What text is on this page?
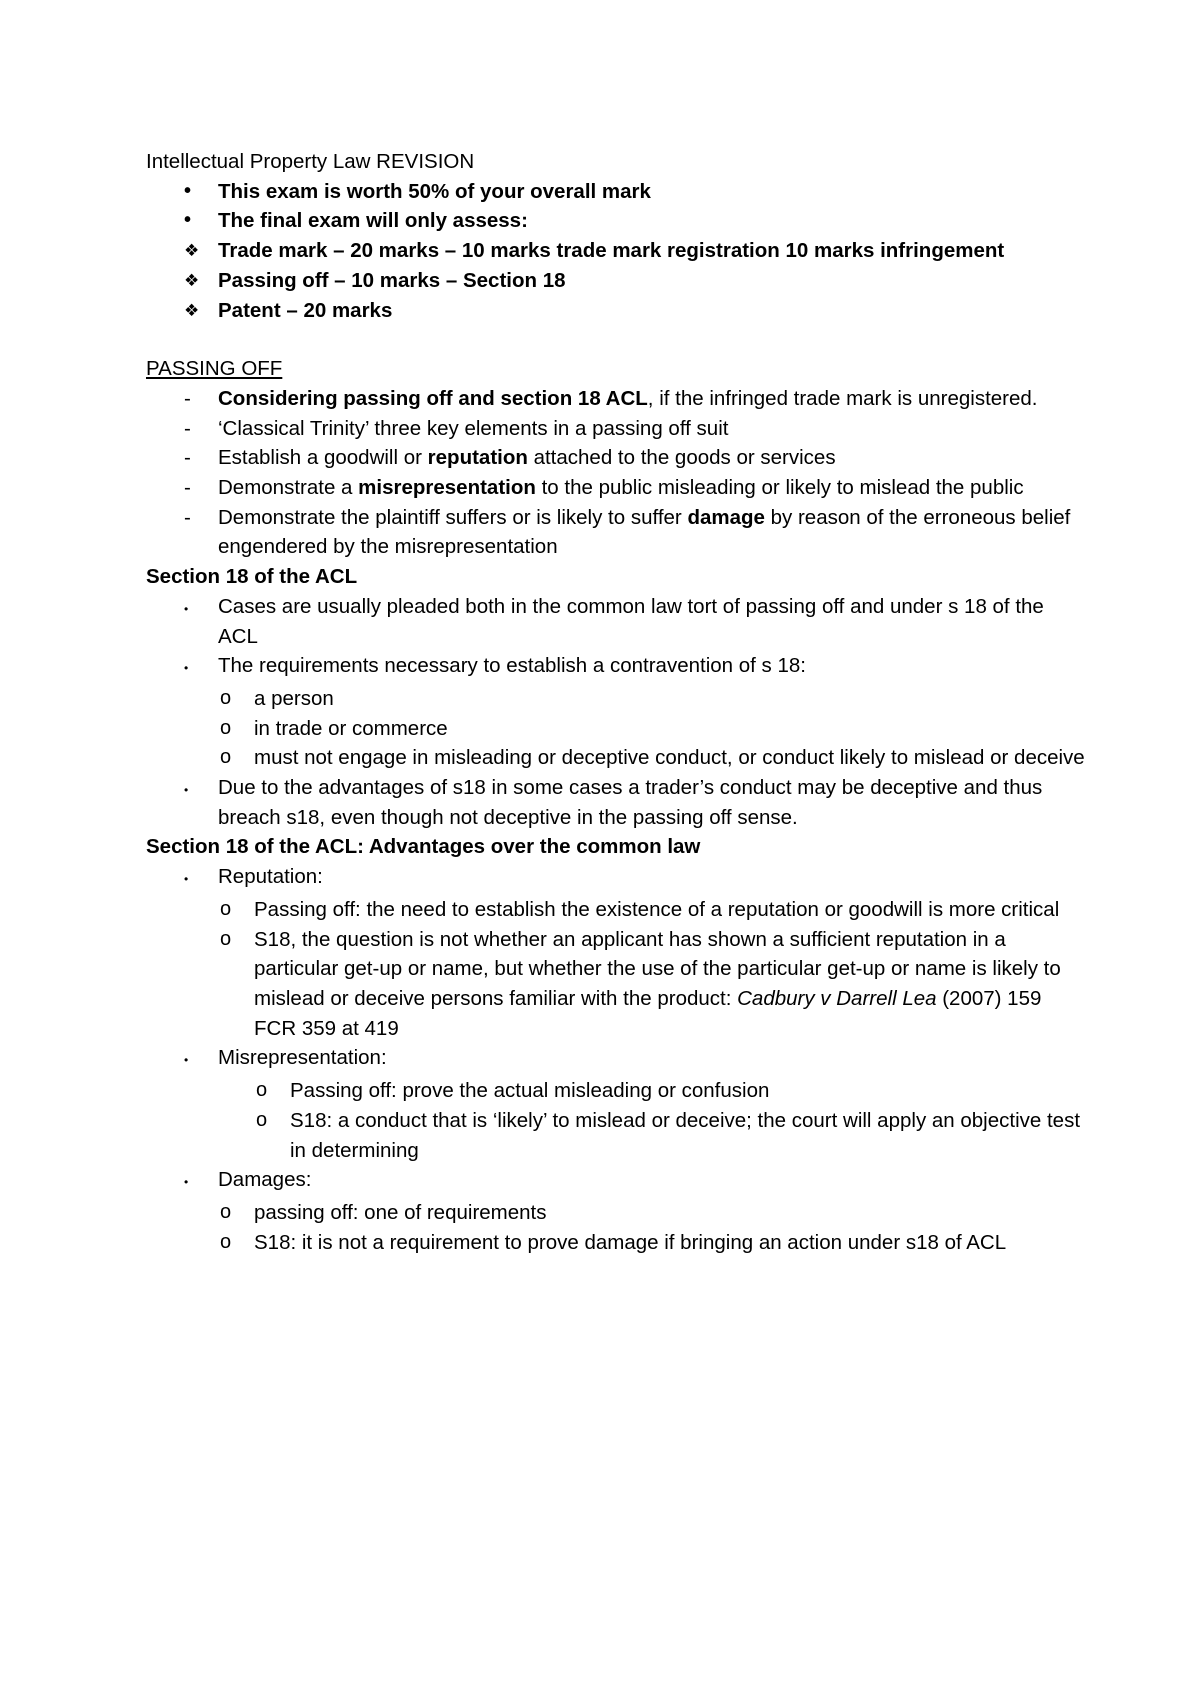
Intellectual Property Law REVISION
•	This exam is worth 50% of your overall mark
•	The final exam will only assess:
❖ Trade mark – 20 marks – 10 marks trade mark registration 10 marks infringement
❖ Passing off – 10 marks – Section 18
❖ Patent – 20 marks
PASSING OFF
-	Considering passing off and section 18 ACL, if the infringed trade mark is unregistered.
-	‘Classical Trinity’ three key elements in a passing off suit
-	Establish a goodwill or reputation attached to the goods or services
-	Demonstrate a misrepresentation to the public misleading or likely to mislead the public
-	Demonstrate the plaintiff suffers or is likely to suffer damage by reason of the erroneous belief engendered by the misrepresentation
Section 18 of the ACL
•	Cases are usually pleaded both in the common law tort of passing off and under s 18 of the ACL
•	The requirements necessary to establish a contravention of s 18:
o	a person
o	in trade or commerce
o	must not engage in misleading or deceptive conduct, or conduct likely to mislead or deceive
•	Due to the advantages of s18 in some cases a trader’s conduct may be deceptive and thus breach s18, even though not deceptive in the passing off sense.
Section 18 of the ACL: Advantages over the common law
•	Reputation:
o	Passing off: the need to establish the existence of a reputation or goodwill is more critical
o	S18, the question is not whether an applicant has shown a sufficient reputation in a particular get-up or name, but whether the use of the particular get-up or name is likely to mislead or deceive persons familiar with the product: Cadbury v Darrell Lea (2007) 159 FCR 359 at 419
•	Misrepresentation:
o	Passing off: prove the actual misleading or confusion
o	S18: a conduct that is ‘likely’ to mislead or deceive; the court will apply an objective test in determining
•	Damages:
o	passing off: one of requirements
o	S18: it is not a requirement to prove damage if bringing an action under s18 of ACL
